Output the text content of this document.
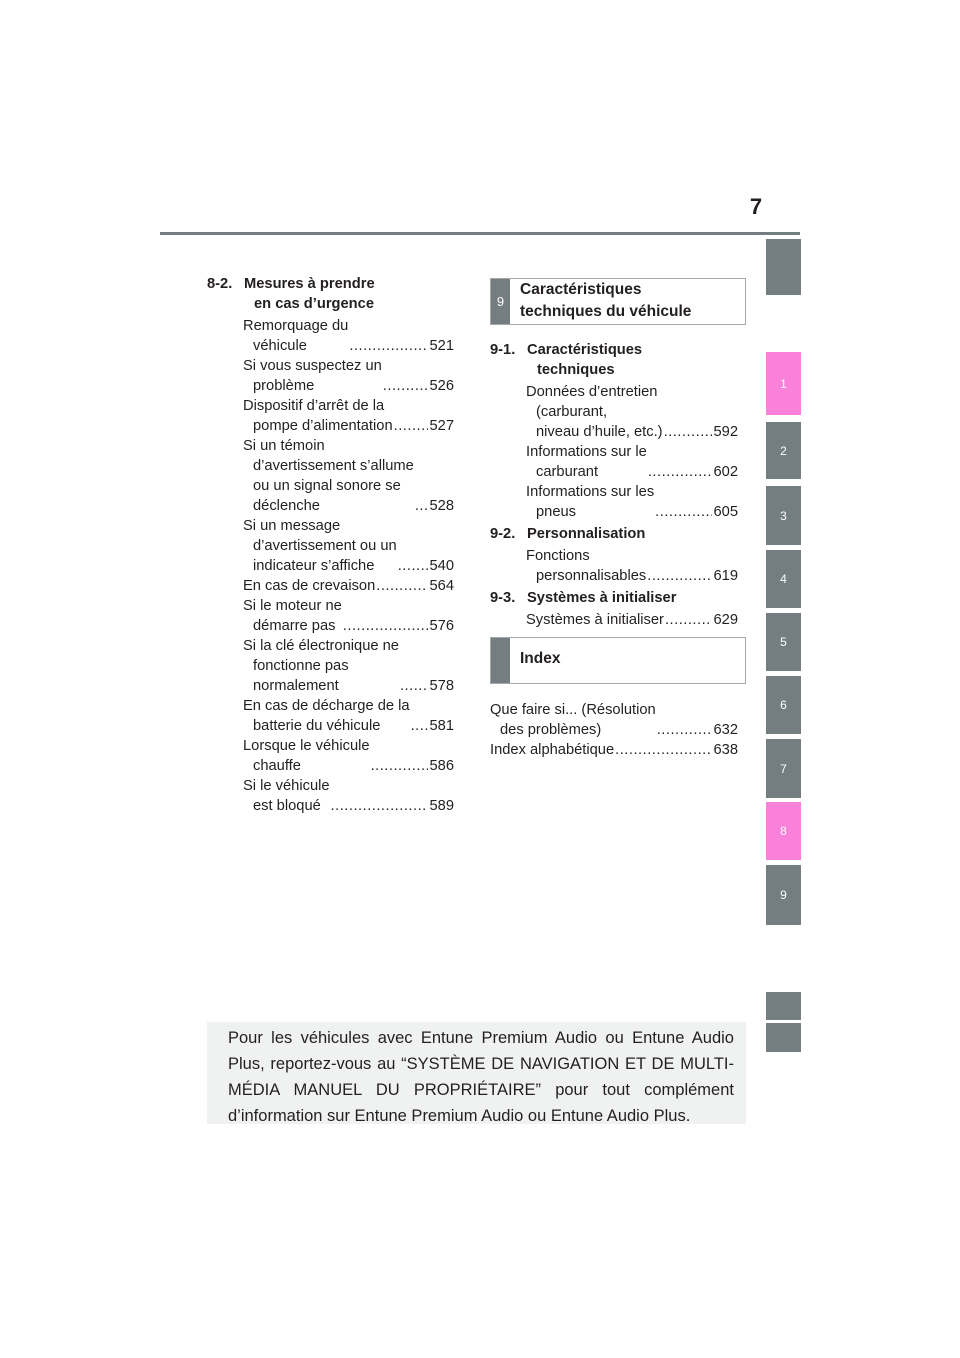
7
1
2
3
4
5
6
7
8
9
8-2. Mesures à prendre
en cas d’urgence
Remorquage du
véhicule .....	521
Si vous suspectez un
problème .....	526
Dispositif d’arrêt de la
pompe d’alimentation .....	527
Si un témoin
d’avertissement s’allume
ou un signal sonore se
déclenche .....	528
Si un message
d’avertissement ou un
indicateur s’affiche .....	540
En cas de crevaison .....	564
Si le moteur ne
démarre pas .....	576
Si la clé électronique ne
fonctionne pas
normalement .....	578
En cas de décharge de la
batterie du véhicule .....	581
Lorsque le véhicule
chauffe .....	586
Si le véhicule
est bloqué .....	589
9
Caractéristiques
techniques du véhicule
9-1. Caractéristiques
techniques
Données d’entretien
(carburant,
niveau d’huile, etc.) .....	592
Informations sur le
carburant .....	602
Informations sur les
pneus .....	605
9-2. Personnalisation
Fonctions
personnalisables .....	619
9-3. Systèmes à initialiser
Systèmes à initialiser .....	629
Index
Que faire si... (Résolution
des problèmes) .....	632
Index alphabétique .....	638
Pour les véhicules avec Entune Premium Audio ou Entune Audio Plus, reportez-vous au “SYSTÈME DE NAVIGATION ET DE MULTI-MÉDIA MANUEL DU PROPRIÉTAIRE” pour tout complément d’information sur Entune Premium Audio ou Entune Audio Plus.
